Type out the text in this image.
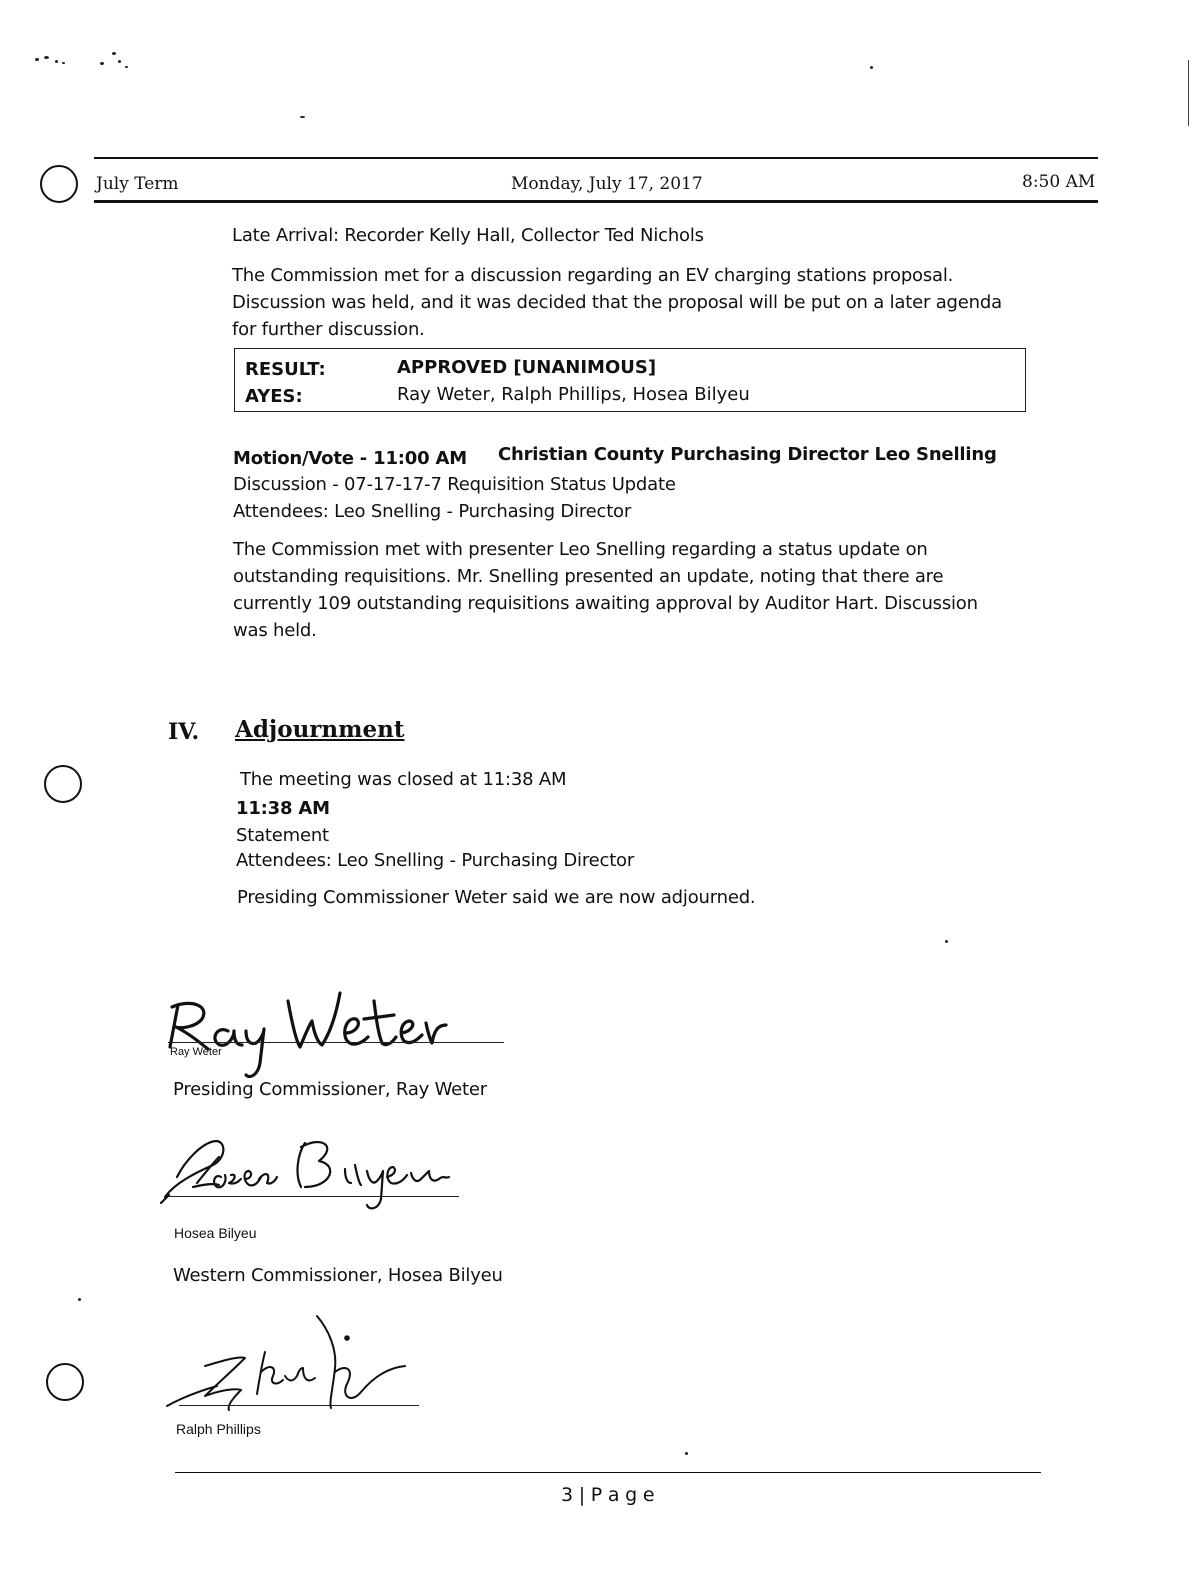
July Term	Monday, July 17, 2017	8:50 AM
Late Arrival: Recorder Kelly Hall, Collector Ted Nichols
The Commission met for a discussion regarding an EV charging stations proposal.
Discussion was held, and it was decided that the proposal will be put on a later agenda
for further discussion.
RESULT:	APPROVED [UNANIMOUS]
AYES:	Ray Weter, Ralph Phillips, Hosea Bilyeu
Motion/Vote - 11:00 AM Christian County Purchasing Director Leo Snelling
Discussion - 07-17-17-7 Requisition Status Update
Attendees: Leo Snelling - Purchasing Director
The Commission met with presenter Leo Snelling regarding a status update on
outstanding requisitions. Mr. Snelling presented an update, noting that there are
currently 109 outstanding requisitions awaiting approval by Auditor Hart. Discussion
was held.
IV. Adjournment
The meeting was closed at 11:38 AM
11:38 AM
Statement
Attendees: Leo Snelling - Purchasing Director
Presiding Commissioner Weter said we are now adjourned.
Ray Weter
Presiding Commissioner, Ray Weter
Hosea Bilyeu
Western Commissioner, Hosea Bilyeu
Ralph Phillips
3 | P a g e
